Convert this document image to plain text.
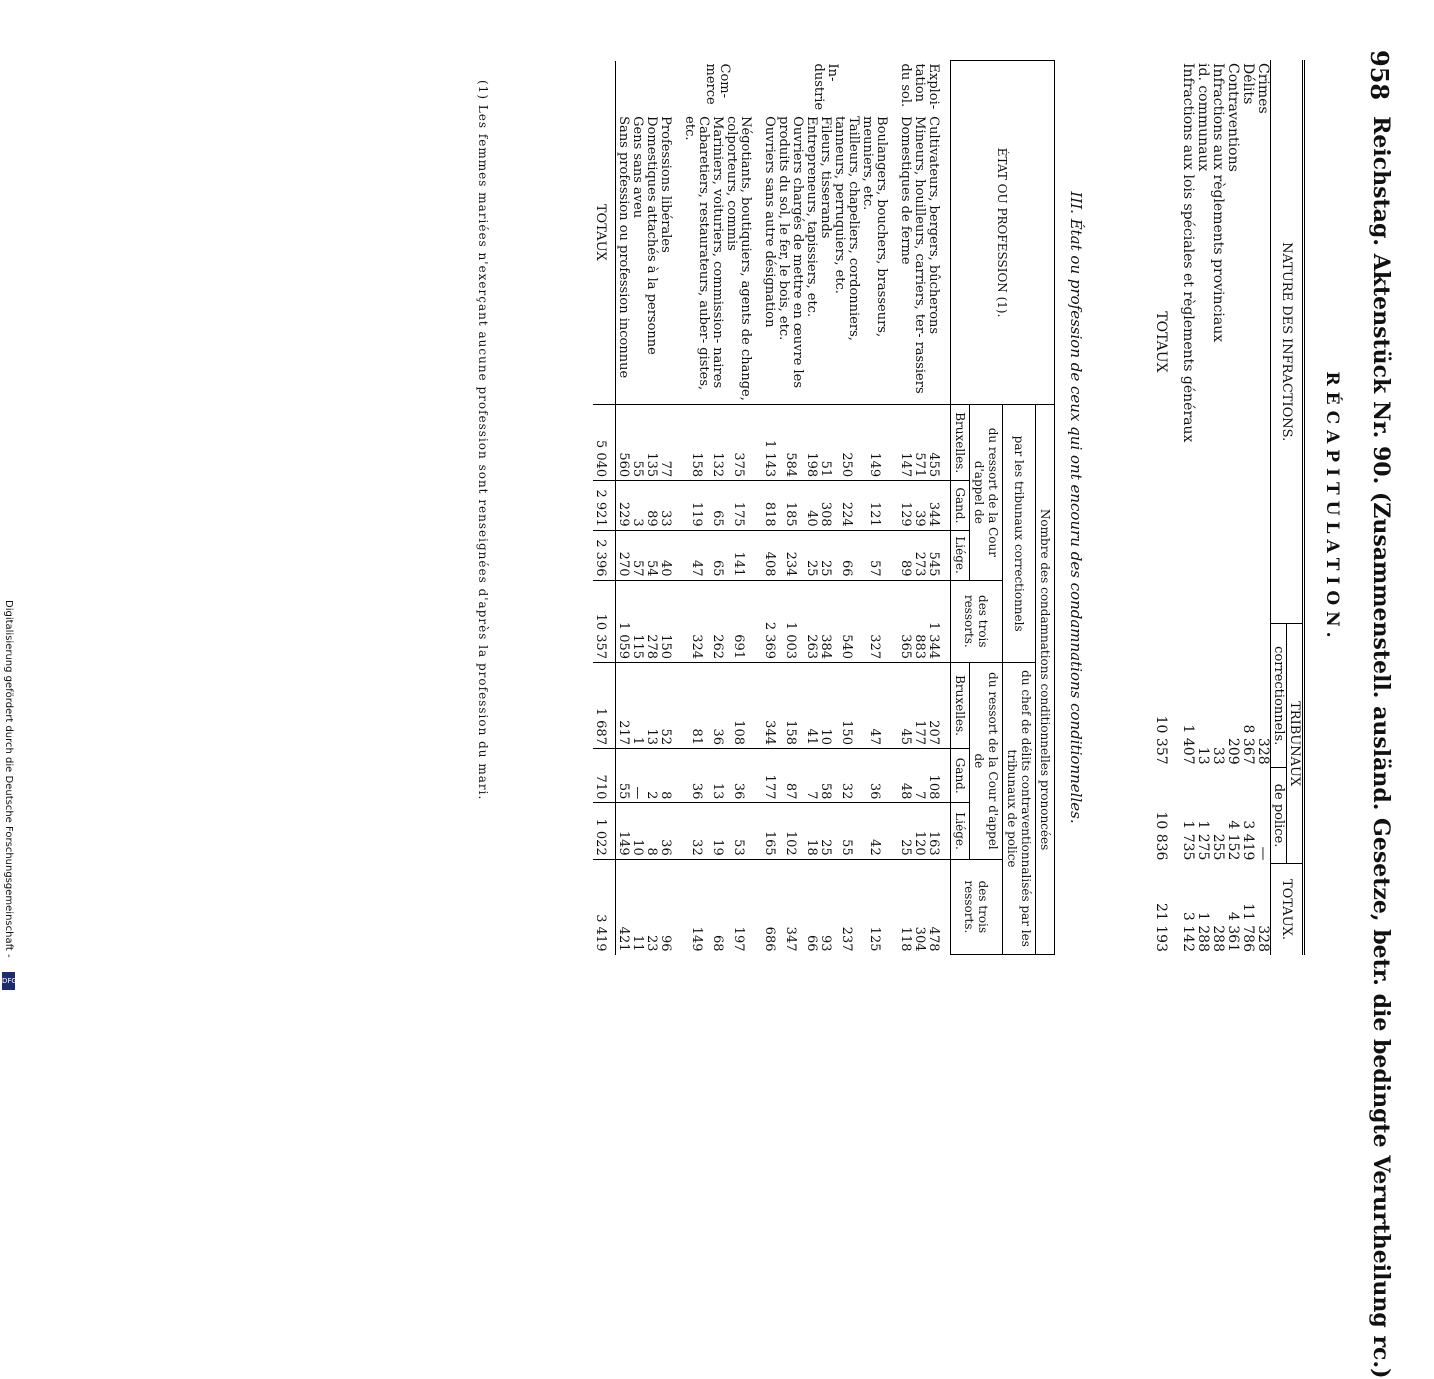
958
Reichstag. Aktenstück Nr. 90. (Zusammenstell. ausländ. Gesetze, betr. die bedingte Verurtheilung rc.)
RÉCAPITULATION.
NATURE DES INFRACTIONS.	TRIBUNAUX		TOTAUX.
	correctionnels.	de police.	
Crimes	328	—	328
Délits	8 367	3 419	11 786
Contraventions	209	4 152	4 361
Infractions aux règlements provinciaux	33	255	288
id. communaux	13	1 275	1 288
Infractions aux lois spéciales et règlements généraux	1 407	1 735	3 142
TOTAUX	10 357	10 836	21 193
III. État ou profession de ceux qui ont encouru des condamnations conditionnelles.
ÉTAT OU PROFESSION (1).		Nombre des condamnations conditionnelles prononcées							
		par les tribunaux correctionnels				du chef de délits contraventionnalisés par les tribunaux de police			
		du ressort de la Cour d'appel de			des trois ressorts.	du ressort de la Cour d'appel de			des trois ressorts.
		Bruxelles.	Gand.	Liége.		Bruxelles.	Gand.	Liége.	
Exploi- tation du sol.	Cultivateurs, bergers, bûcherons	455	344	545	1 344	207	108	163	478
	Mineurs, houilleurs, carriers, ter- rassiers	571	39	273	883	177	7	120	304
	Domestiques de ferme	147	129	89	365	45	48	25	118
In- dustrie	Boulangers, bouchers, brasseurs, meuniers, etc.	149	121	57	327	47	36	42	125
	Tailleurs, chapeliers, cordonniers, tanneurs, perruquiers, etc.	250	224	66	540	150	32	55	237
	Fileurs, tisserands	51	308	25	384	10	58	25	93
	Entrepreneurs, tapissiers, etc.	198	40	25	263	41	7	18	66
	Ouvriers chargés de mettre en œuvre les produits du sol, le fer, le bois, etc.	584	185	234	1 003	158	87	102	347
	Ouvriers sans autre désignation	1 143	818	408	2 369	344	177	165	686
Com- merce	Négotiants, boutiquiers, agents de change, colporteurs, commis	375	175	141	691	108	36	53	197
	Mariniers, voituriers, commission- naires	132	65	65	262	36	13	19	68
	Cabaretiers, restaurateurs, auber- gistes, etc.	158	119	47	324	81	36	32	149
	Professions libérales	77	33	40	150	52	8	36	96
	Domestiques attachés à la personne	135	89	54	278	13	2	8	23
	Gens sans aveu	55	3	57	115	1	—	10	11
	Sans profession ou profession inconnue	560	229	270	1 059	217	55	149	421
TOTAUX		5 040	2 921	2 396	10 357	1 687	710	1 022	3 419
(1) Les femmes mariées n'exerçant aucune profession sont renseignées d'après la profession du mari.
Digitalisierung gefördert durch die Deutsche Forschungsgemeinschaft -
DFG
